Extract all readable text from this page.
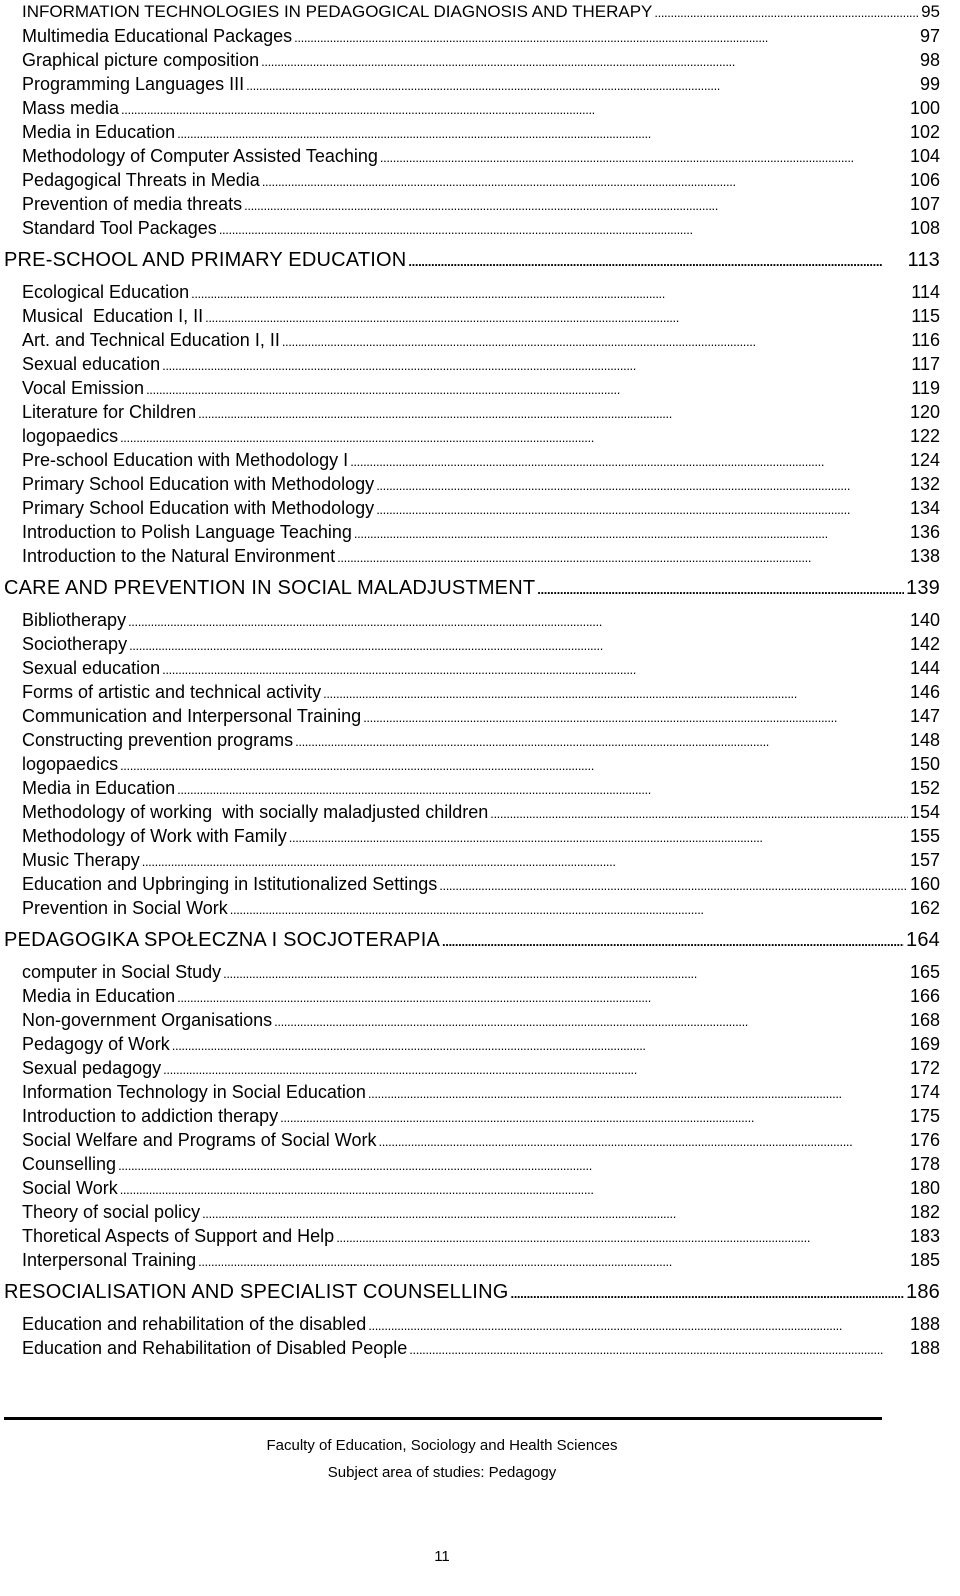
INFORMATION TECHNOLOGIES IN PEDAGOGICAL DIAGNOSIS AND THERAPY . . .	95
Multimedia Educational Packages . . .	97
Graphical picture composition . . .	98
Programming Languages III . . .	99
Mass media . . .	100
Media in Education . . .	102
Methodology of Computer Assisted Teaching . . .	104
Pedagogical Threats in Media . . .	106
Prevention of media threats . . .	107
Standard Tool Packages . . .	108
PRE-SCHOOL AND PRIMARY EDUCATION . . .	113
Ecological Education . . .	114
Musical  Education I, II . . .	115
Art. and Technical Education I, II . . .	116
Sexual education . . .	117
Vocal Emission . . .	119
Literature for Children . . .	120
logopaedics . . .	122
Pre-school Education with Methodology I . . .	124
Primary School Education with Methodology . . .	132
Primary School Education with Methodology . . .	134
Introduction to Polish Language Teaching . . .	136
Introduction to the Natural Environment . . .	138
CARE AND PREVENTION IN SOCIAL MALADJUSTMENT . . .	139
Bibliotherapy . . .	140
Sociotherapy . . .	142
Sexual education . . .	144
Forms of artistic and technical activity . . .	146
Communication and Interpersonal Training . . .	147
Constructing prevention programs . . .	148
logopaedics . . .	150
Media in Education . . .	152
Methodology of working  with socially maladjusted children . . .	154
Methodology of Work with Family . . .	155
Music Therapy . . .	157
Education and Upbringing in Istitutionalized Settings . . .	160
Prevention in Social Work . . .	162
PEDAGOGIKA SPOŁECZNA I SOCJOTERAPIA . . .	164
computer in Social Study . . .	165
Media in Education . . .	166
Non-government Organisations . . .	168
Pedagogy of Work . . .	169
Sexual pedagogy . . .	172
Information Technology in Social Education . . .	174
Introduction to addiction therapy . . .	175
Social Welfare and Programs of Social Work . . .	176
Counselling . . .	178
Social Work . . .	180
Theory of social policy . . .	182
Thoretical Aspects of Support and Help . . .	183
Interpersonal Training . . .	185
RESOCIALISATION AND SPECIALIST COUNSELLING . . .	186
Education and rehabilitation of the disabled . . .	188
Education and Rehabilitation of Disabled People . . .	188
Faculty of Education, Sociology and Health Sciences
Subject area of studies: Pedagogy
11
